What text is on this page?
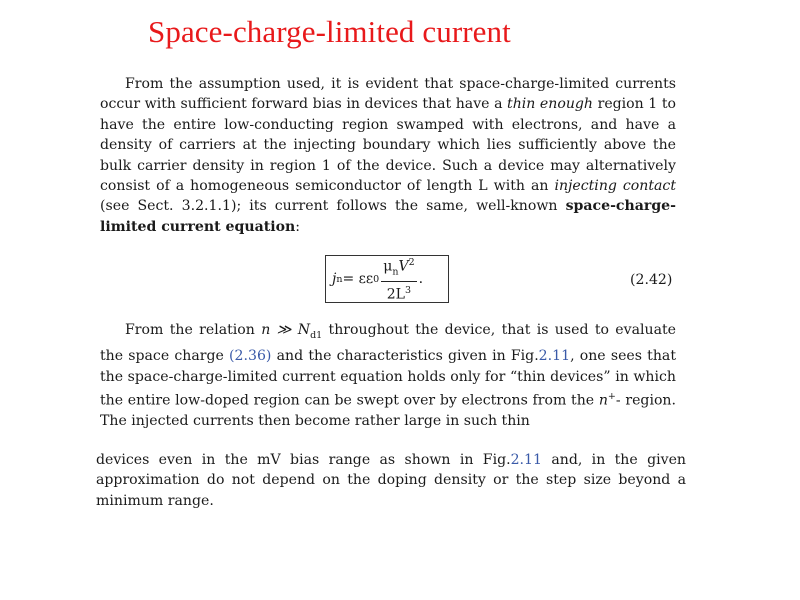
Space-charge-limited current
From the assumption used, it is evident that space-charge-limited currents occur with sufficient forward bias in devices that have a thin enough region 1 to have the entire low-conducting region swamped with electrons, and have a density of carriers at the injecting boundary which lies sufficiently above the bulk carrier density in region 1 of the device. Such a device may alternatively consist of a homogeneous semiconductor of length L with an injecting contact (see Sect. 3.2.1.1); its current follows the same, well-known space-charge-limited current equation:
j n = εε $0 \frac{\mu_nV^2}{2L^3}$ .	(2.42)
From the relation n ≫ $N_{d1}$ throughout the device, that is used to evaluate the space charge (2.36) and the characteristics given in Fig.2.11, one sees that the space-charge-limited current equation holds only for “thin devices” in which the entire low-doped region can be swept over by electrons from the n+- region. The injected currents then become rather large in such thin
devices even in the mV bias range as shown in Fig.2.11 and, in the given approximation do not depend on the doping density or the step size beyond a minimum range.
